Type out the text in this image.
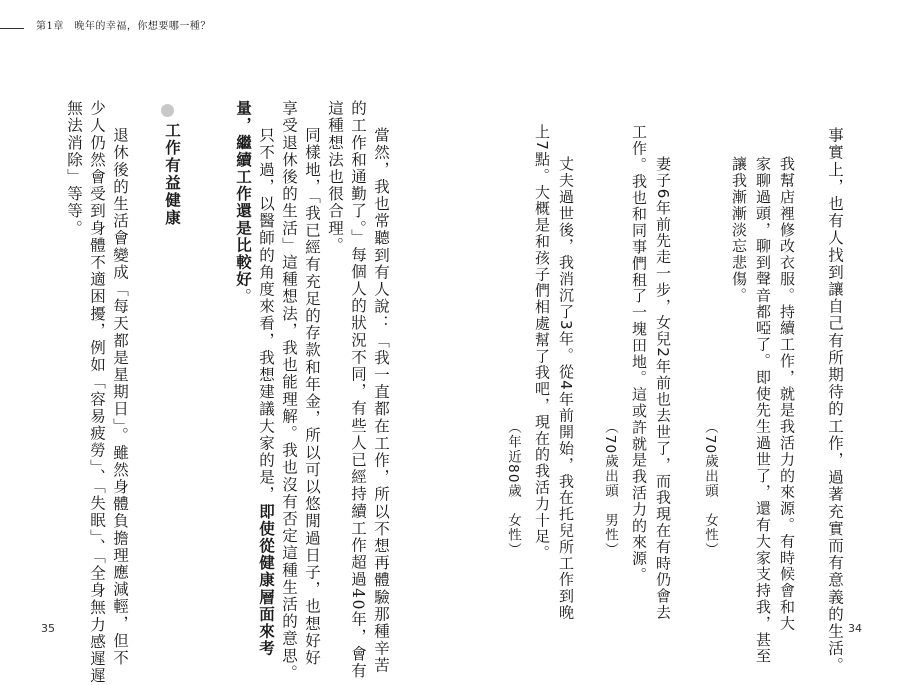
第1章　晚年的幸福，你想要哪一種？
事實上，也有人找到讓自己有所期待的工作，過著充實而有意義的生活。
我幫店裡修改衣服。持續工作，就是我活力的來源。有時候會和大
家聊過頭，聊到聲音都啞了。即使先生過世了，還有大家支持我，甚至
讓我漸漸淡忘悲傷。
（70歲出頭　女性）
妻子6年前先走一步，女兒2年前也去世了，而我現在有時仍會去
工作。我也和同事們租了一塊田地。這或許就是我活力的來源。
（70歲出頭　男性）
丈夫過世後，我消沉了3年。從4年前開始，我在托兒所工作到晚
上7點。大概是和孩子們相處幫了我吧，現在的我活力十足。
（年近80歲　女性）
當然，我也常聽到有人說：「我一直都在工作，所以不想再體驗那種辛苦
的工作和通勤了。」每個人的狀況不同，有些人已經持續工作超過40年，會有
這種想法也很合理。
同樣地，「我已經有充足的存款和年金，所以可以悠閒過日子，也想好好
享受退休後的生活」這種想法，我也能理解。我也沒有否定這種生活的意思。
只不過，以醫師的角度來看，我想建議大家的是，即使從健康層面來考
量，繼續工作還是比較好。
工作有益健康
退休後的生活會變成「每天都是星期日」。雖然身體負擔理應減輕，但不
少人仍然會受到身體不適困擾，例如「容易疲勞」、「失眠」、「全身無力感遲遲
無法消除」等等。
35	34
